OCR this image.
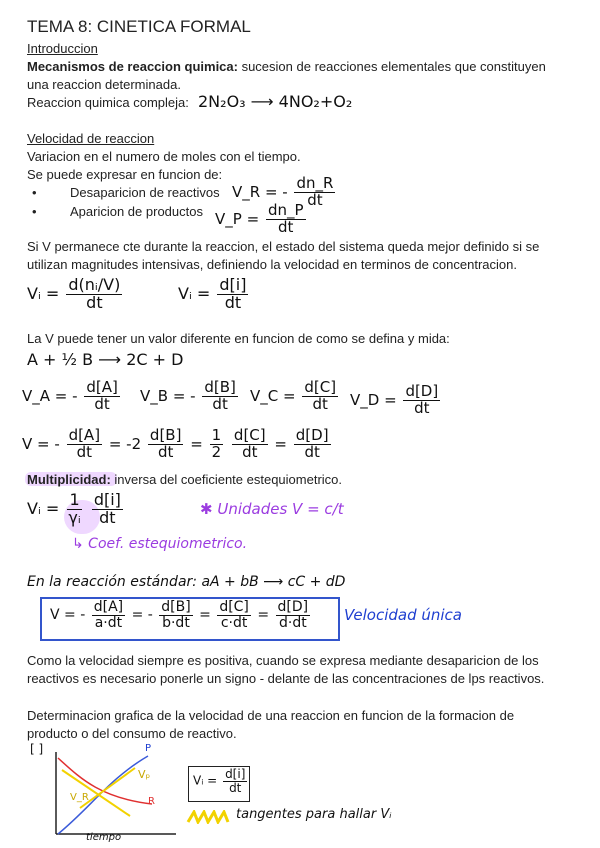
TEMA 8: CINETICA FORMAL
Introduccion
Mecanismos de reaccion quimica: sucesion de reacciones elementales que constituyen
una reaccion determinada.
Reaccion quimica compleja: 2N₂O₃ ⟶ 4NO₂+O₂
Velocidad de reaccion
Variacion en el numero de moles con el tiempo.
Se puede expresar en funcion de:
• Desaparicion de reactivos
• Aparicion de productos
V_R = - $\frac{dn\_R}{dt}$
V_P = $\frac{dn\_P}{dt}$
Si V permanece cte durante la reaccion, el estado del sistema queda mejor definido si se
utilizan magnitudes intensivas, definiendo la velocidad en terminos de concentracion.
Vᵢ = $\frac{\text{d(nᵢ/V)}}{dt}$	Vᵢ = $\frac{d[i]}{dt}$
La V puede tener un valor diferente en funcion de como se defina y mida:
A + ½ B ⟶ 2C + D
V_A = - $\frac{d[A]}{dt}$ V_B = - $\frac{d[B]}{dt}$ V_C = $\frac{d[C]}{dt}$ V_D = $\frac{d[D]}{dt}$
V = - $\frac{d[A]}{dt} = -2 \frac{d[B]}{dt} = \frac{1}{2}$
$\frac{d[C]}{dt} = \frac{d[D]}{dt}$
Multiplicidad: inversa del coeficiente estequiometrico.
Vᵢ = $\frac{1}{\text{γᵢ}}$
$\frac{d[i]}{dt}$	✱ Unidades V = c/t
↳ Coef. estequiometrico.
En la reacción estándar: aA + bB ⟶ cC + dD
V = - $\frac{d[A]}{a\cdot dt}$ = - $\frac{d[B]}{b\cdot dt} = \frac{d[C]}{c\cdot dt} = \frac{d[D]}{d\cdot dt}$ Velocidad única
Como la velocidad siempre es positiva, cuando se expresa mediante desaparicion de los
reactivos es necesario ponerle un signo - delante de las concentraciones de lps reactivos.
Determinacion grafica de la velocidad de una reaccion en funcion de la formacion de
producto o del consumo de reactivo.
[ ]	P
R
Vₚ
V_R
tiempo
Vᵢ = $\frac{d[i]}{dt}$
tangentes para hallar Vᵢ
